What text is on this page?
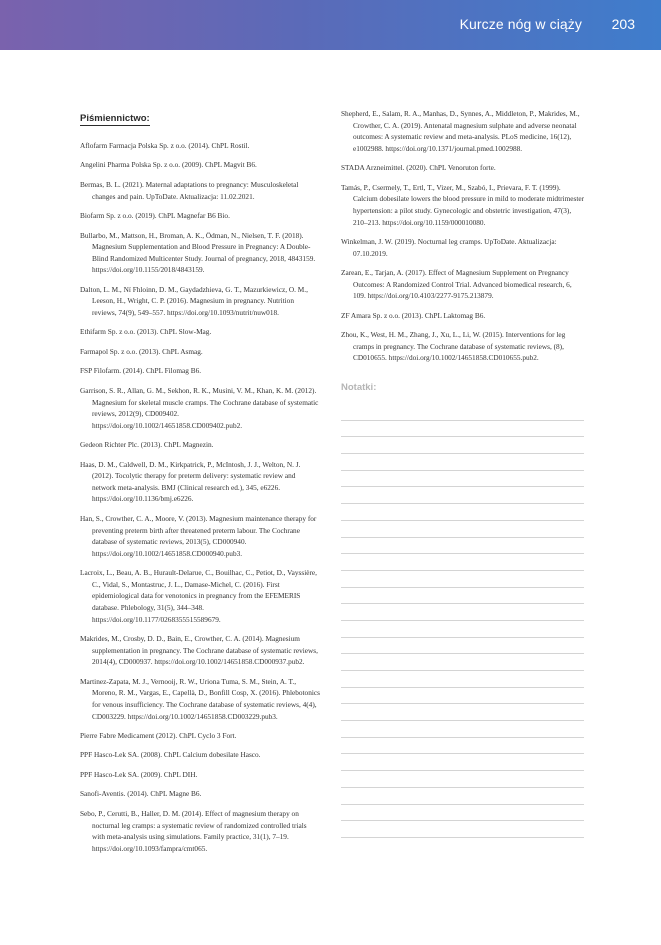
Kurcze nóg w ciąży 203
Piśmiennictwo:

Aflofarm Farmacja Polska Sp. z o.o. (2014). ChPL Rostil.

Angelini Pharma Polska Sp. z o.o. (2009). ChPL Magvit B6.

Bermas, B. L. (2021). Maternal adaptations to pregnancy: Musculoskeletal changes and pain. UpToDate. Aktualizacja: 11.02.2021.

Biofarm Sp. z o.o. (2019). ChPL Magnefar B6 Bio.

Bullarbo, M., Mattson, H., Broman, A. K., Ödman, N., Nielsen, T. F. (2018). Magnesium Supplementation and Blood Pressure in Pregnancy: A Double-Blind Randomized Multicenter Study. Journal of pregnancy, 2018, 4843159. https://doi.org/10.1155/2018/4843159.

Dalton, L. M., Ní Fhloinn, D. M., Gaydadzhieva, G. T., Mazurkiewicz, O. M., Leeson, H., Wright, C. P. (2016). Magnesium in pregnancy. Nutrition reviews, 74(9), 549–557. https://doi.org/10.1093/nutrit/nuw018.

Ethifarm Sp. z o.o. (2013). ChPL Slow-Mag.

Farmapol Sp. z o.o. (2013). ChPL Asmag.

FSP Filofarm. (2014). ChPL Filomag B6.

Garrison, S. R., Allan, G. M., Sekhon, R. K., Musini, V. M., Khan, K. M. (2012). Magnesium for skeletal muscle cramps. The Cochrane database of systematic reviews, 2012(9), CD009402. https://doi.org/10.1002/14651858.CD009402.pub2.

Gedeon Richter Plc. (2013). ChPL Magnezin.

Haas, D. M., Caldwell, D. M., Kirkpatrick, P., McIntosh, J. J., Welton, N. J. (2012). Tocolytic therapy for preterm delivery: systematic review and network meta-analysis. BMJ (Clinical research ed.), 345, e6226. https://doi.org/10.1136/bmj.e6226.

Han, S., Crowther, C. A., Moore, V. (2013). Magnesium maintenance therapy for preventing preterm birth after threatened preterm labour. The Cochrane database of systematic reviews, 2013(5), CD000940. https://doi.org/10.1002/14651858.CD000940.pub3.

Lacroix, L., Beau, A. B., Hurault-Delarue, C., Bouilhac, C., Petiot, D., Vayssière, C., Vidal, S., Montastruc, J. L., Damase-Michel, C. (2016). First epidemiological data for venotonics in pregnancy from the EFEMERIS database. Phlebology, 31(5), 344–348. https://doi.org/10.1177/0268355515589679.

Makrides, M., Crosby, D. D., Bain, E., Crowther, C. A. (2014). Magnesium supplementation in pregnancy. The Cochrane database of systematic reviews, 2014(4), CD000937. https://doi.org/10.1002/14651858.CD000937.pub2.

Martinez-Zapata, M. J., Vernooij, R. W., Uriona Tuma, S. M., Stein, A. T., Moreno, R. M., Vargas, E., Capellà, D., Bonfill Cosp, X. (2016). Phlebotonics for venous insufficiency. The Cochrane database of systematic reviews, 4(4), CD003229. https://doi.org/10.1002/14651858.CD003229.pub3.

Pierre Fabre Medicament (2012). ChPL Cyclo 3 Fort.

PPF Hasco-Lek SA. (2008). ChPL Calcium dobesilate Hasco.

PPF Hasco-Lek SA. (2009). ChPL DIH.

Sanofi-Aventis. (2014). ChPL Magne B6.

Sebo, P., Cerutti, B., Haller, D. M. (2014). Effect of magnesium therapy on nocturnal leg cramps: a systematic review of randomized controlled trials with meta-analysis using simulations. Family practice, 31(1), 7–19. https://doi.org/10.1093/fampra/cmt065.

Shepherd, E., Salam, R. A., Manhas, D., Synnes, A., Middleton, P., Makrides, M., Crowther, C. A. (2019). Antenatal magnesium sulphate and adverse neonatal outcomes: A systematic review and meta-analysis. PLoS medicine, 16(12), e1002988. https://doi.org/10.1371/journal.pmed.1002988.

STADA Arzneimittel. (2020). ChPL Venoruton forte.

Tamás, P., Csermely, T., Ertl, T., Vizer, M., Szabó, I., Prievara, F. T. (1999). Calcium dobesilate lowers the blood pressure in mild to moderate midtrimester hypertension: a pilot study. Gynecologic and obstetric investigation, 47(3), 210–213. https://doi.org/10.1159/000010080.

Winkelman, J. W. (2019). Nocturnal leg cramps. UpToDate. Aktualizacja: 07.10.2019.

Zarean, E., Tarjan, A. (2017). Effect of Magnesium Supplement on Pregnancy Outcomes: A Randomized Control Trial. Advanced biomedical research, 6, 109. https://doi.org/10.4103/2277-9175.213879.

ZF Amara Sp. z o.o. (2013). ChPL Laktomag B6.

Zhou, K., West, H. M., Zhang, J., Xu, L., Li, W. (2015). Interventions for leg cramps in pregnancy. The Cochrane database of systematic reviews, (8), CD010655. https://doi.org/10.1002/14651858.CD010655.pub2.

Notatki:
